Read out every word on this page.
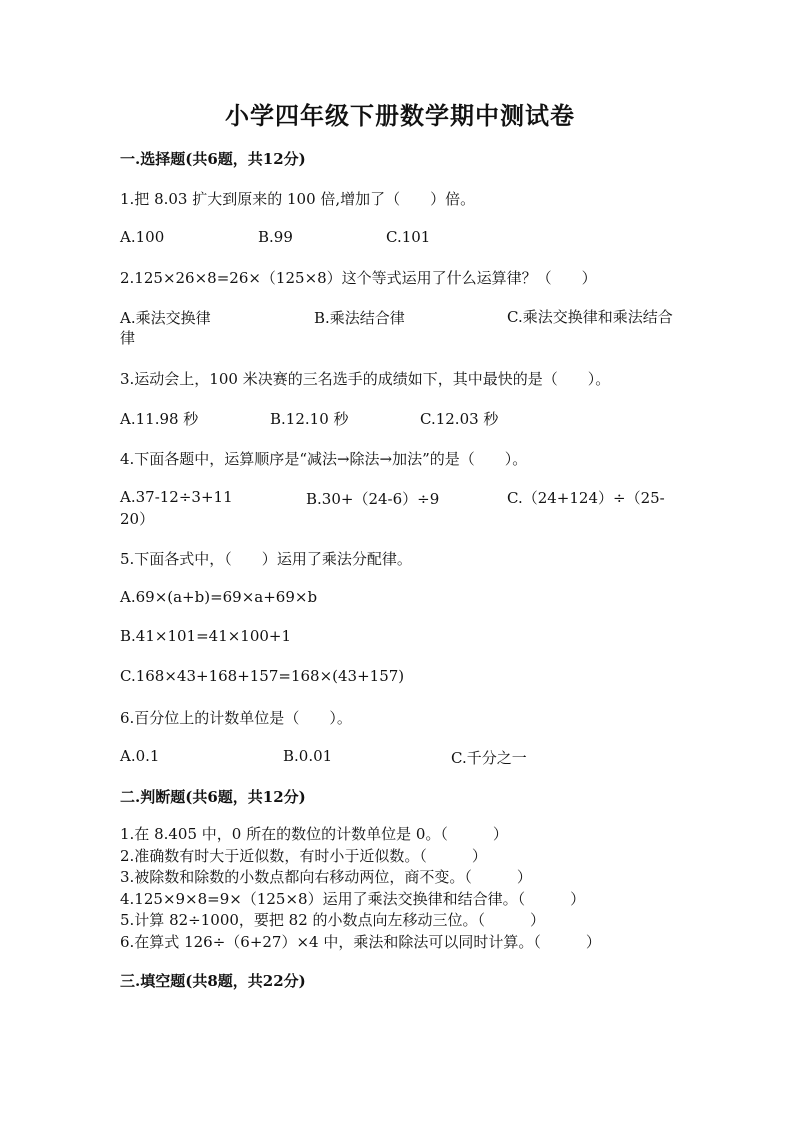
小学四年级下册数学期中测试卷
一.选择题(共6题，共12分)
1.把 8.03 扩大到原来的 100 倍,增加了（　　）倍。
A.100	B.99	C.101
2.125×26×8=26×（125×8）这个等式运用了什么运算律？（　　）
A.乘法交换律	B.乘法结合律	C.乘法交换律和乘法结合律
3.运动会上，100 米决赛的三名选手的成绩如下，其中最快的是（　　）。
A.11.98 秒	B.12.10 秒	C.12.03 秒
4.下面各题中，运算顺序是“减法→除法→加法”的是（　　）。
A.37-12÷3+11	B.30+（24-6）÷9	C.（24+124）÷（25-20）
5.下面各式中，（　　）运用了乘法分配律。
A.69×(a+b)=69×a+69×b
B.41×101=41×100+1
C.168×43+168+157=168×(43+157)
6.百分位上的计数单位是（　　）。
A.0.1	B.0.01	C.千分之一
二.判断题(共6题，共12分)
1.在 8.405 中，0 所在的数位的计数单位是 0。（　　　）
2.准确数有时大于近似数，有时小于近似数。（　　　）
3.被除数和除数的小数点都向右移动两位，商不变。（　　　）
4.125×9×8=9×（125×8）运用了乘法交换律和结合律。（　　　）
5.计算 82÷1000，要把 82 的小数点向左移动三位。（　　　）
6.在算式 126÷（6+27）×4 中，乘法和除法可以同时计算。（　　　）
三.填空题(共8题，共22分)
